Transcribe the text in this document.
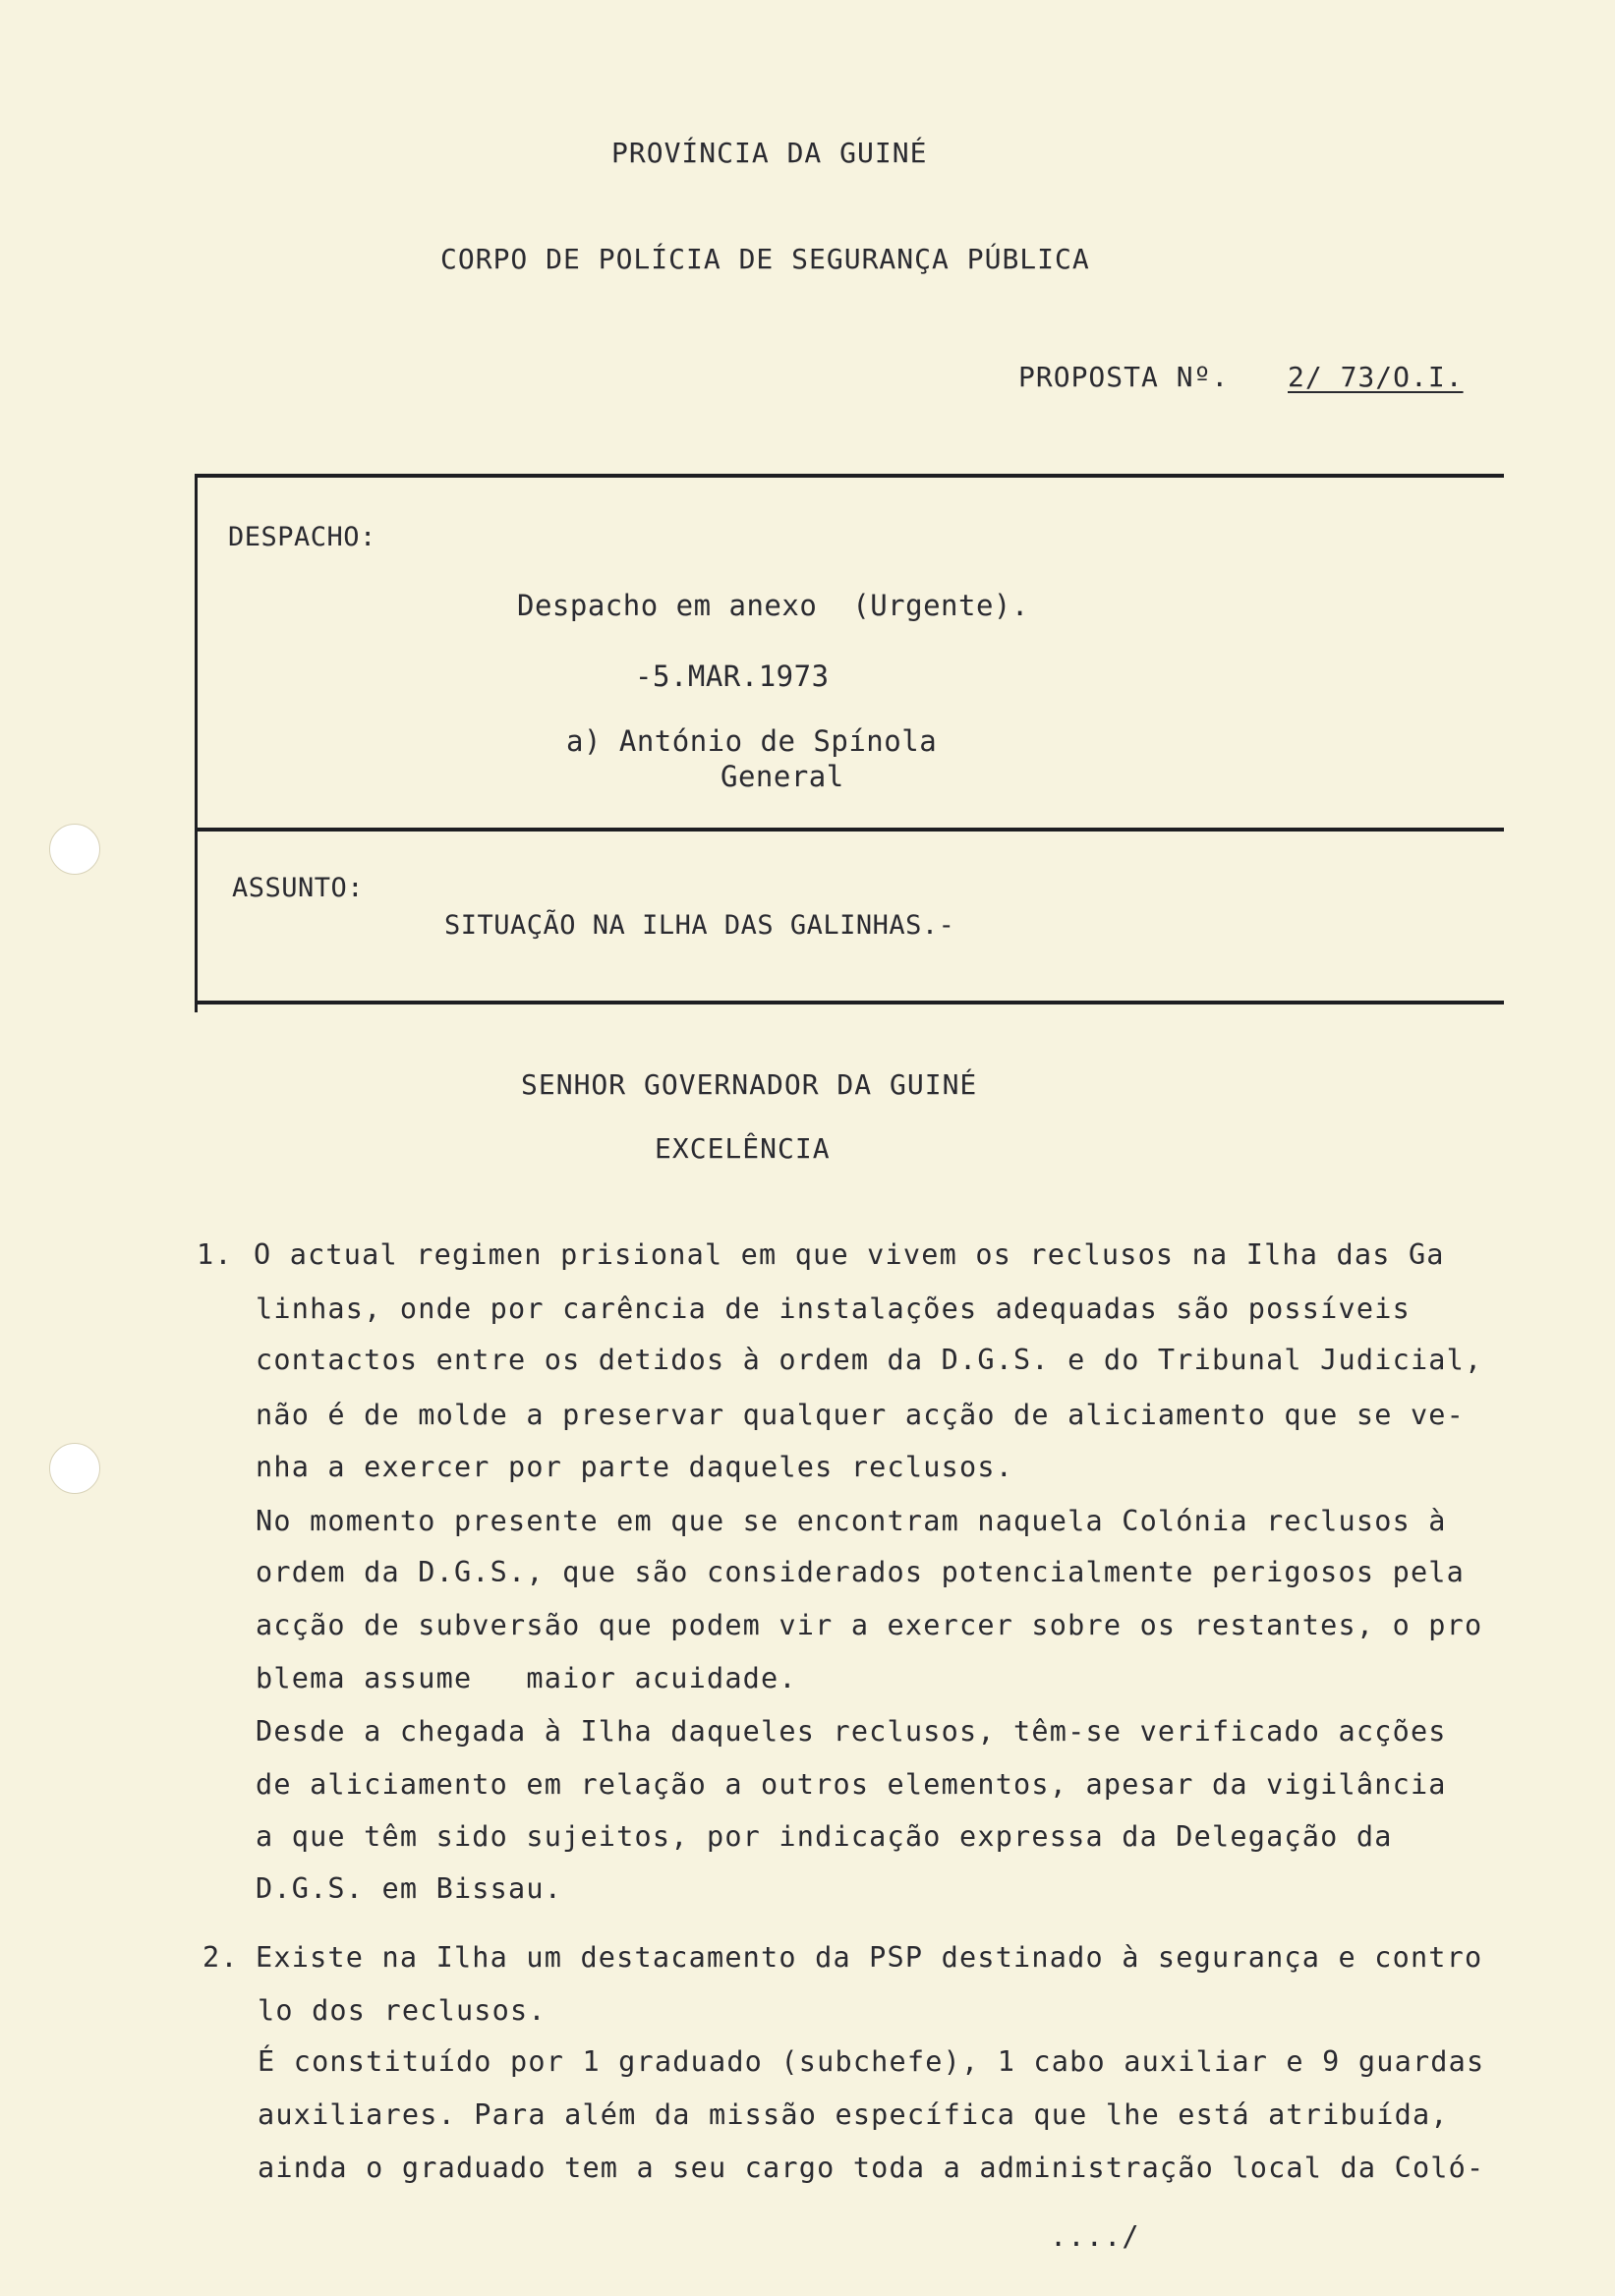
PROVÍNCIA DA GUINÉ
CORPO DE POLÍCIA DE SEGURANÇA PÚBLICA
PROPOSTA Nº. 2/ 73/O.I.
DESPACHO:
Despacho em anexo  (Urgente).
-5.MAR.1973
a) António de Spínola
General
ASSUNTO:
SITUAÇÃO NA ILHA DAS GALINHAS.-
SENHOR GOVERNADOR DA GUINÉ
EXCELÊNCIA
1. O actual regimen prisional em que vivem os reclusos na Ilha das Ga
linhas, onde por carência de instalações adequadas são possíveis
contactos entre os detidos à ordem da D.G.S. e do Tribunal Judicial,
não é de molde a preservar qualquer acção de aliciamento que se ve-
nha a exercer por parte daqueles reclusos.
No momento presente em que se encontram naquela Colónia reclusos à
ordem da D.G.S., que são considerados potencialmente perigosos pela
acção de subversão que podem vir a exercer sobre os restantes, o pro
blema assume   maior acuidade.
Desde a chegada à Ilha daqueles reclusos, têm-se verificado acções
de aliciamento em relação a outros elementos, apesar da vigilância
a que têm sido sujeitos, por indicação expressa da Delegação da
D.G.S. em Bissau.
2. Existe na Ilha um destacamento da PSP destinado à segurança e contro
lo dos reclusos.
É constituído por 1 graduado (subchefe), 1 cabo auxiliar e 9 guardas
auxiliares. Para além da missão específica que lhe está atribuída,
ainda o graduado tem a seu cargo toda a administração local da Coló-
..../
